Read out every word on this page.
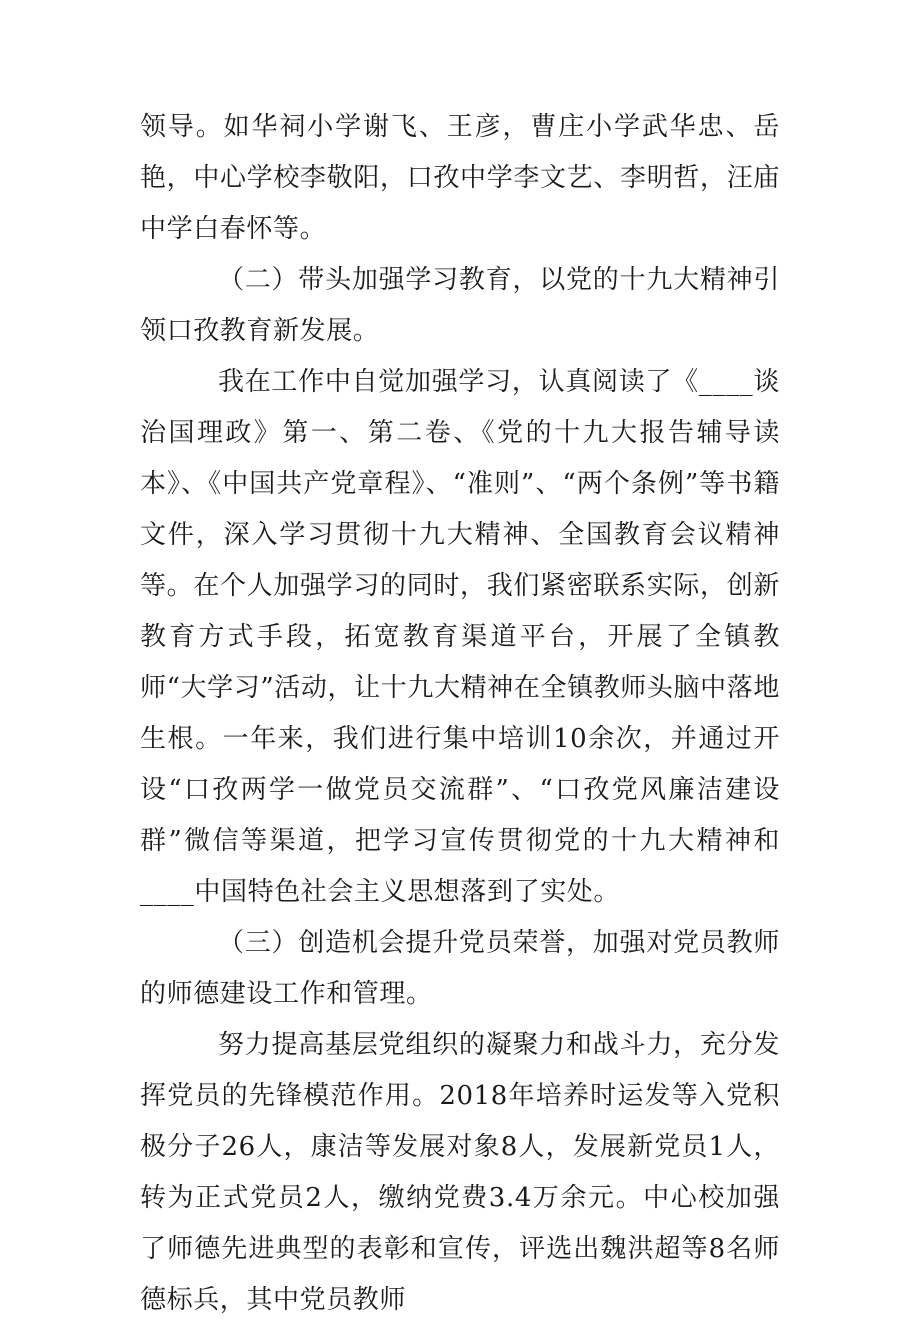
领导。如华祠小学谢飞、王彦，曹庄小学武华忠、岳艳，中心学校李敬阳，口孜中学李文艺、李明哲，汪庙中学白春怀等。

（二）带头加强学习教育，以党的十九大精神引领口孜教育新发展。

我在工作中自觉加强学习，认真阅读了《____谈治国理政》第一、第二卷、《党的十九大报告辅导读本》、《中国共产党章程》、“准则”、“两个条例”等书籍文件，深入学习贯彻十九大精神、全国教育会议精神等。在个人加强学习的同时，我们紧密联系实际，创新教育方式手段，拓宽教育渠道平台，开展了全镇教师“大学习”活动，让十九大精神在全镇教师头脑中落地生根。一年来，我们进行集中培训10余次，并通过开设“口孜两学一做党员交流群”、“口孜党风廉洁建设群”微信等渠道，把学习宣传贯彻党的十九大精神和____中国特色社会主义思想落到了实处。

（三）创造机会提升党员荣誉，加强对党员教师的师德建设工作和管理。

努力提高基层党组织的凝聚力和战斗力，充分发挥党员的先锋模范作用。2018年培养时运发等入党积极分子26人，康洁等发展对象8人，发展新党员1人，转为正式党员2人，缴纳党费3.4万余元。中心校加强了师德先进典型的表彰和宣传，评选出魏洪超等8名师德标兵，其中党员教师
